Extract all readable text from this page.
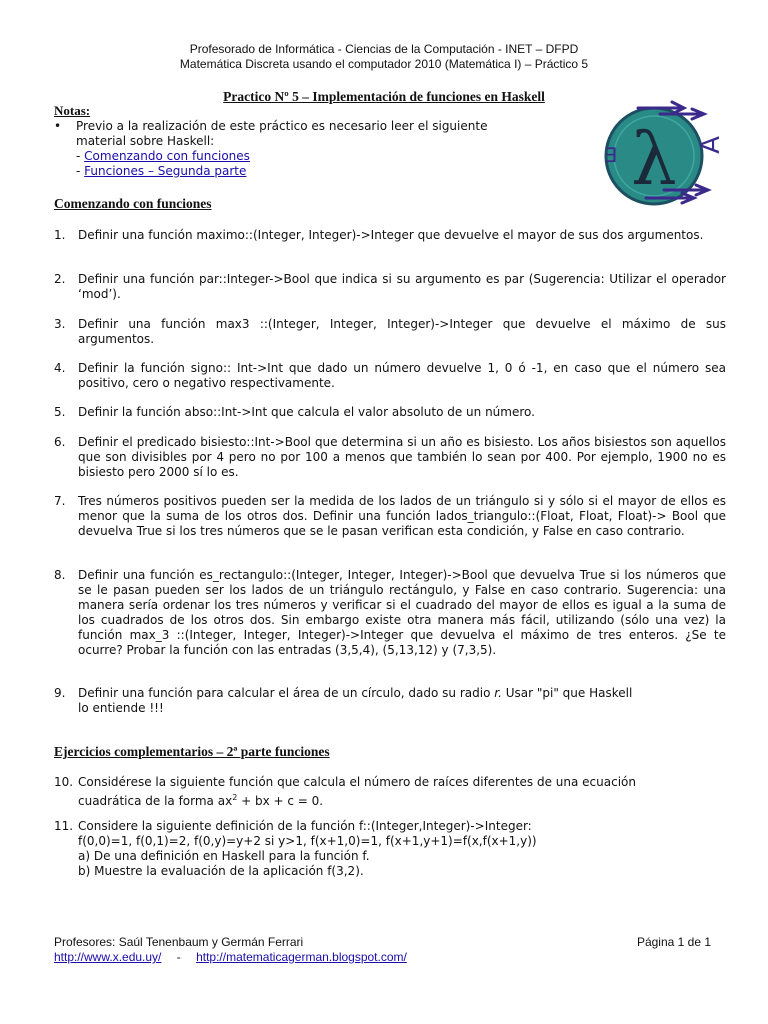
Profesorado de Informática - Ciencias de la Computación - INET – DFPD
Matemática Discreta usando el computador 2010 (Matemática I) – Práctico 5
Practico Nº 5 – Implementación de funciones en Haskell
Notas:
• Previo a la realización de este práctico es necesario leer el siguiente
material sobre Haskell:
- Comenzando con funciones
- Funciones – Segunda parte	λ ∀
∃
Comenzando con funciones
1. Definir una función maximo::(Integer, Integer)->Integer que devuelve el mayor de sus dos argumentos.
2. Definir una función par::Integer->Bool que indica si su argumento es par (Sugerencia: Utilizar el operador ‘mod’).
3. Definir una función max3 ::(Integer, Integer, Integer)->Integer que devuelve el máximo de sus argumentos.
4. Definir la función signo:: Int->Int que dado un número devuelve 1, 0 ó -1, en caso que el número sea positivo, cero o negativo respectivamente.
5. Definir la función abso::Int->Int que calcula el valor absoluto de un número.
6. Definir el predicado bisiesto::Int->Bool que determina si un año es bisiesto. Los años bisiestos son aquellos que son divisibles por 4 pero no por 100 a menos que también lo sean por 400. Por ejemplo, 1900 no es bisiesto pero 2000 sí lo es.
7. Tres números positivos pueden ser la medida de los lados de un triángulo si y sólo si el mayor de ellos es menor que la suma de los otros dos. Definir una función lados_triangulo::(Float, Float, Float)-> Bool que devuelva True si los tres números que se le pasan verifican esta condición, y False en caso contrario.
8. Definir una función es_rectangulo::(Integer, Integer, Integer)->Bool que devuelva True si los números que se le pasan pueden ser los lados de un triángulo rectángulo, y False en caso contrario. Sugerencia: una manera sería ordenar los tres números y verificar si el cuadrado del mayor de ellos es igual a la suma de los cuadrados de los otros dos. Sin embargo existe otra manera más fácil, utilizando (sólo una vez) la función max_3 ::(Integer, Integer, Integer)->Integer que devuelva el máximo de tres enteros. ¿Se te ocurre? Probar la función con las entradas (3,5,4), (5,13,12) y (7,3,5).
9. Definir una función para calcular el área de un círculo, dado su radio r. Usar "pi" que Haskell
lo entiende !!!
Ejercicios complementarios – 2ª parte funciones
10. Considérese la siguiente función que calcula el número de raíces diferentes de una ecuación
cuadrática de la forma $ax^2$ + bx + c = 0.
11. Considere la siguiente definición de la función f::(Integer,Integer)->Integer:
f(0,0)=1, f(0,1)=2, f(0,y)=y+2 si y>1, f(x+1,0)=1, f(x+1,y+1)=f(x,f(x+1,y))
a) De una definición en Haskell para la función f.
b) Muestre la evaluación de la aplicación f(3,2).
Profesores: Saúl Tenenbaum y Germán Ferrari	Página 1 de 1
http://www.x.edu.uy/ - http://matematicagerman.blogspot.com/
